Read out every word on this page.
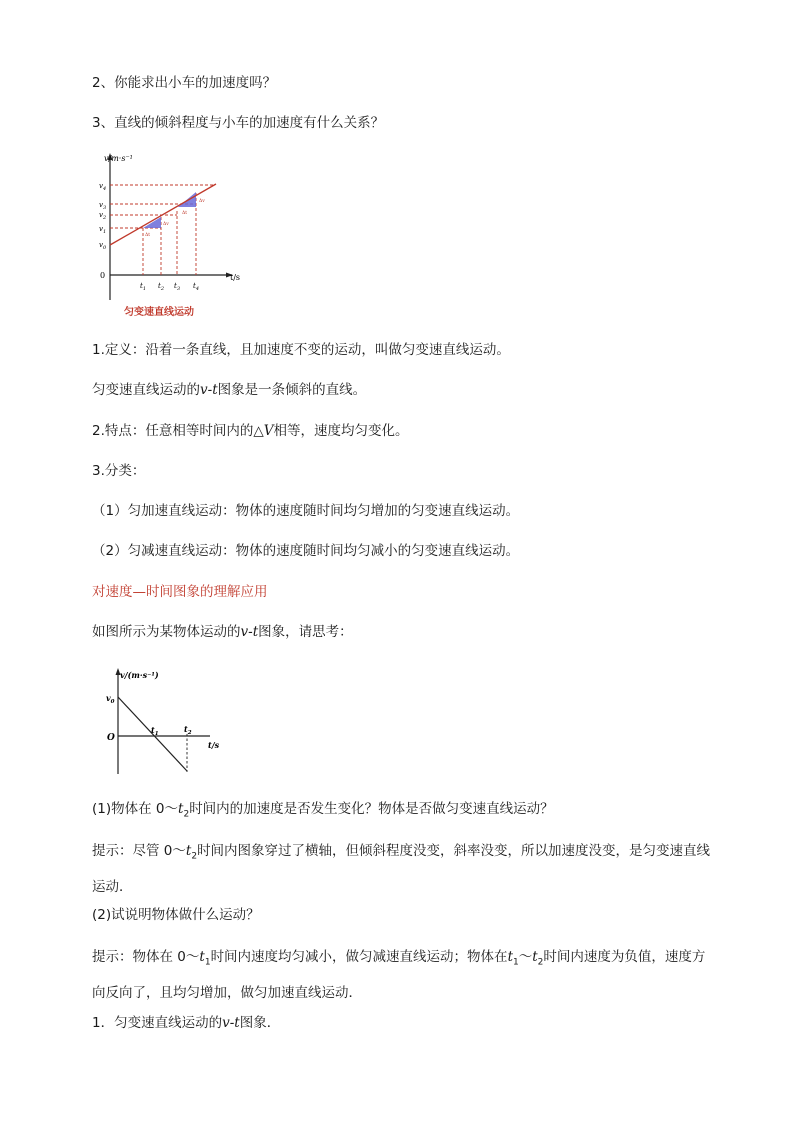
2、你能求出小车的加速度吗？

3、直线的倾斜程度与小车的加速度有什么关系？

v/m·s⁻¹
t/s
0
Δt
Δv
Δt
Δv
$v_4$
$v_3$
$v_2$
$v_1$
$v_0$
$t_1$ $t_2$ $t_3$ $t_4$

匀变速直线运动

1.定义：沿着一条直线，且加速度不变的运动，叫做匀变速直线运动。

匀变速直线运动的v-t图象是一条倾斜的直线。

2.特点：任意相等时间内的△V相等，速度均匀变化。

3.分类：

（1）匀加速直线运动：物体的速度随时间均匀增加的匀变速直线运动。

（2）匀减速直线运动：物体的速度随时间均匀减小的匀变速直线运动。

对速度—时间图象的理解应用

如图所示为某物体运动的v-t图象，请思考：

v/(m·s⁻¹)
t/s
O
$v_0$
$t_1$	$t_2$

(1)物体在 $0\sim t_2$时间内的加速度是否发生变化？物体是否做匀变速直线运动？

提示：尽管 $0\sim t_2$时间内图象穿过了横轴，但倾斜程度没变，斜率没变，所以加速度没变，是匀变速直线运动．

(2)试说明物体做什么运动？

提示：物体在 $0\sim t_1$时间内速度均匀减小，做匀减速直线运动；物体在$t_1\sim t_2$时间内速度为负值，速度方向反向了，且均匀增加，做匀加速直线运动．

1．匀变速直线运动的v-t图象．
